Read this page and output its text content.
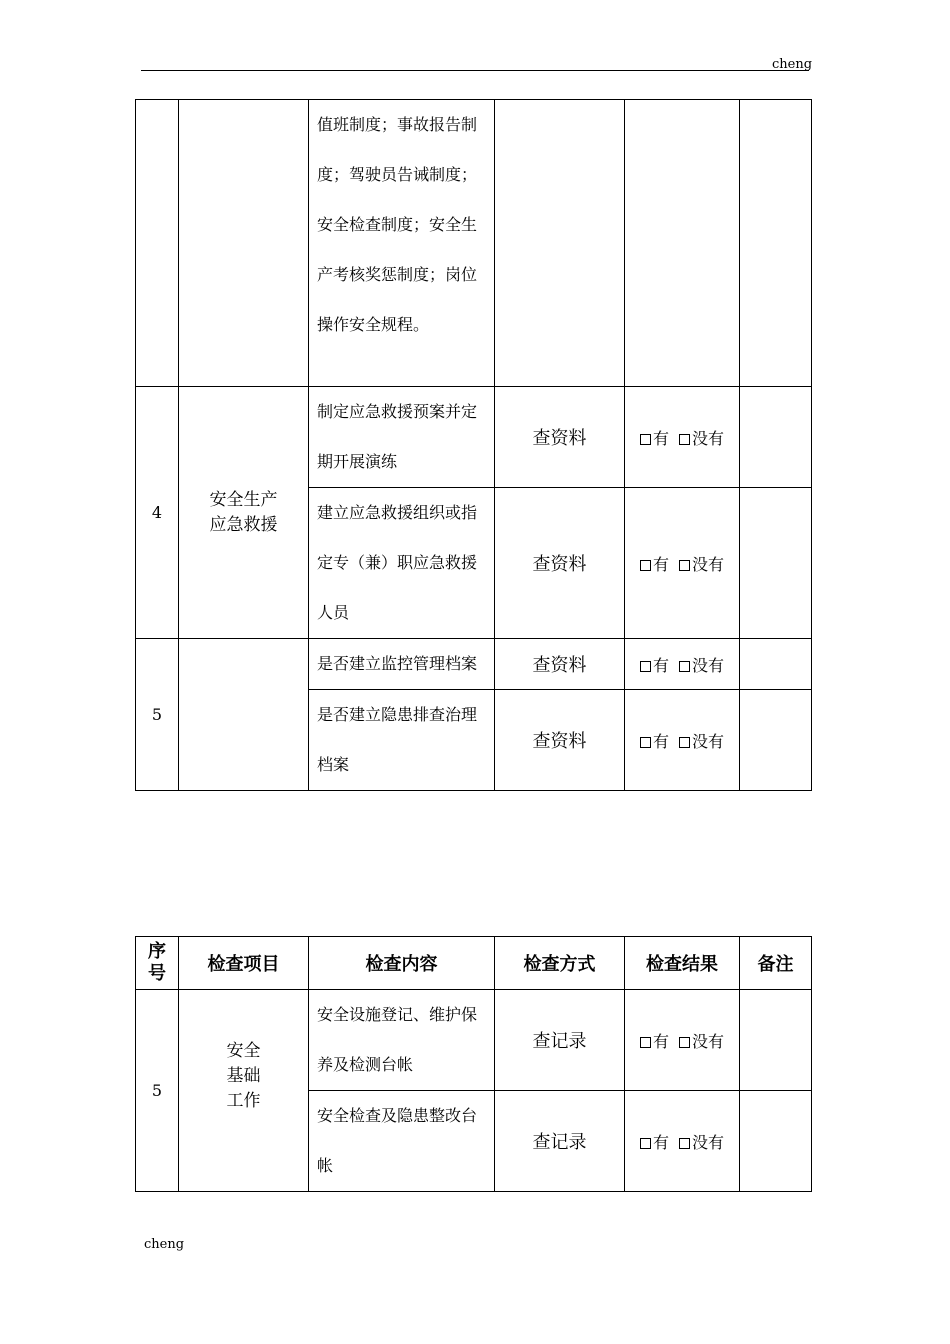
cheng

		值班制度；事故报告制度；驾驶员告诫制度；安全检查制度；安全生产考核奖惩制度；岗位操作安全规程。			

4	安全生产应急救援	制定应急救援预案并定期开展演练	查资料	有 没有	

		建立应急救援组织或指定专（兼）职应急救援人员	查资料	有 没有	
5		是否建立监控管理档案	查资料	有 没有	

		是否建立隐患排查治理档案	查资料	有 没有	
序号	检查项目	检查内容	检查方式	检查结果	备注
5	安全基础工作	安全设施登记、维护保养及检测台帐	查记录	有 没有	

		安全检查及隐患整改台帐	查记录	有 没有	
cheng
